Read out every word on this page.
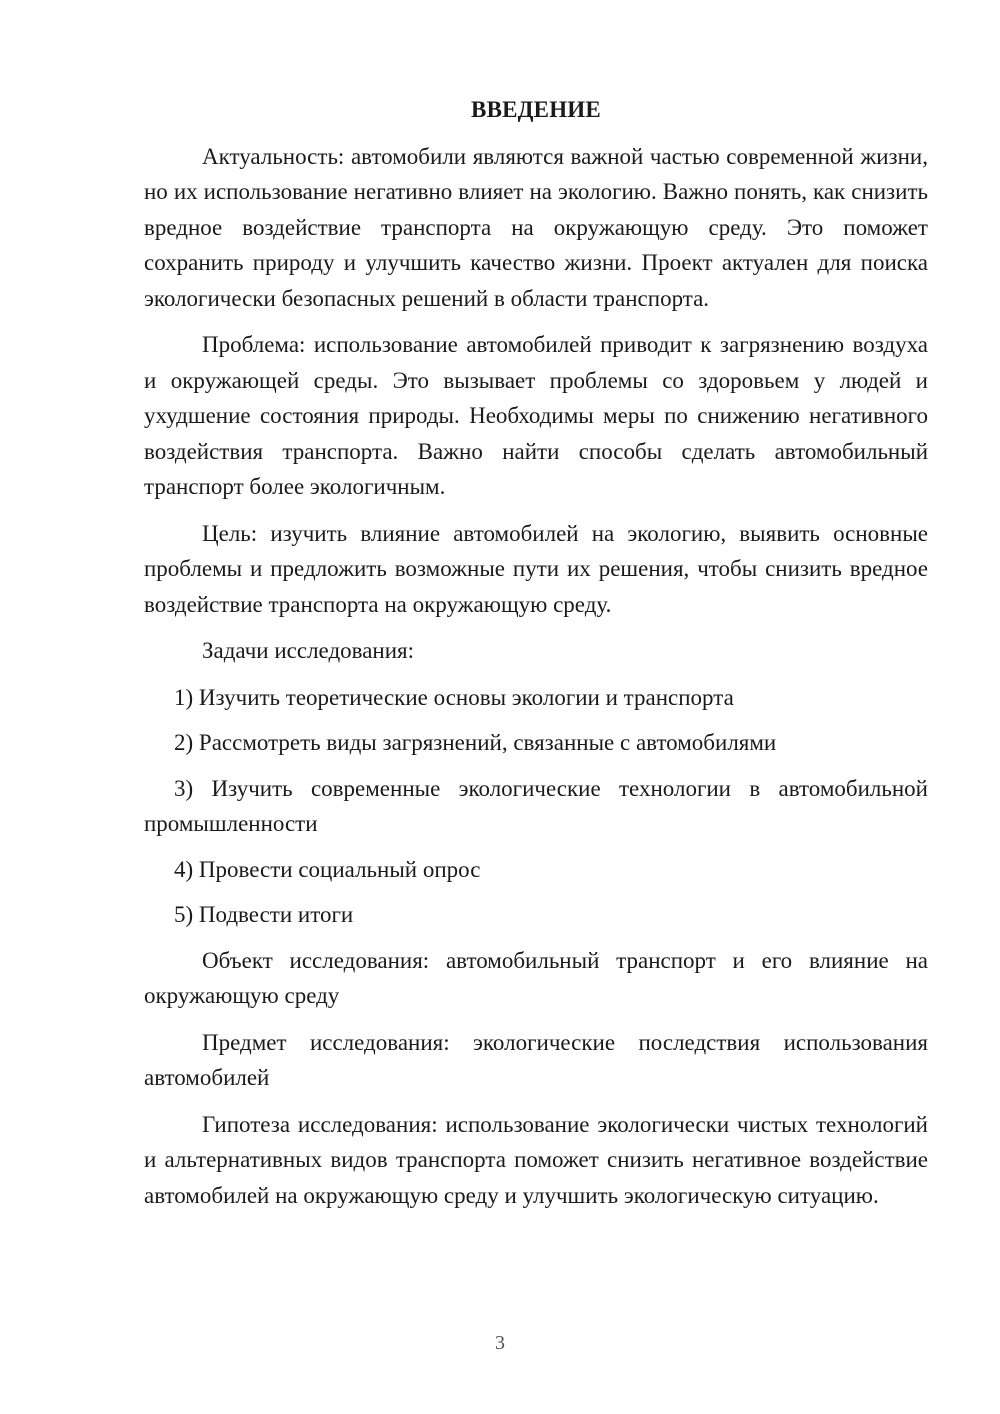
ВВЕДЕНИЕ

Актуальность: автомобили являются важной частью современной жизни, но их использование негативно влияет на экологию. Важно понять, как снизить вредное воздействие транспорта на окружающую среду. Это поможет сохранить природу и улучшить качество жизни. Проект актуален для поиска экологически безопасных решений в области транспорта.

Проблема: использование автомобилей приводит к загрязнению воздуха и окружающей среды. Это вызывает проблемы со здоровьем у людей и ухудшение состояния природы. Необходимы меры по снижению негативного воздействия транспорта. Важно найти способы сделать автомобильный транспорт более экологичным.

Цель: изучить влияние автомобилей на экологию, выявить основные проблемы и предложить возможные пути их решения, чтобы снизить вредное воздействие транспорта на окружающую среду.

Задачи исследования:

1) Изучить теоретические основы экологии и транспорта

2) Рассмотреть виды загрязнений, связанные с автомобилями

3) Изучить современные экологические технологии в автомобильной промышленности

4) Провести социальный опрос

5) Подвести итоги

Объект исследования: автомобильный транспорт и его влияние на окружающую среду

Предмет исследования: экологические последствия использования автомобилей

Гипотеза исследования: использование экологически чистых технологий и альтернативных видов транспорта поможет снизить негативное воздействие автомобилей на окружающую среду и улучшить экологическую ситуацию.

3
